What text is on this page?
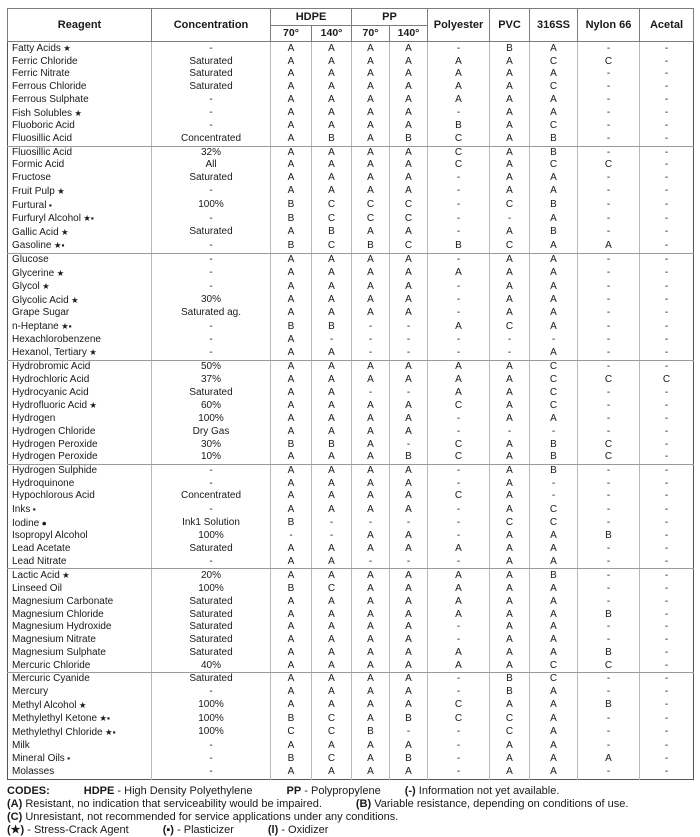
Reagent	Concentration	HDPE		PP		Polyester	PVC	316SS	Nylon 66	Acetal
		70°	140°	70°	140°					
Fatty Acids ★	-	A	A	A	A	-	B	A	-	-
Ferric Chloride	Saturated	A	A	A	A	A	A	C	C	-
Ferric Nitrate	Saturated	A	A	A	A	A	A	A	-	-
Ferrous Chloride	Saturated	A	A	A	A	A	A	C	-	-
Ferrous Sulphate	-	A	A	A	A	A	A	A	-	-
Fish Solubles ★	-	A	A	A	A	-	A	A	-	-
Fluoboric Acid	-	A	A	A	A	B	A	C	-	-
Fluosillic Acid	Concentrated	A	B	A	B	C	A	B	-	-
Fluosillic Acid	32%	A	A	A	A	C	A	B	-	-
Formic Acid	All	A	A	A	A	C	A	C	C	-
Fructose	Saturated	A	A	A	A	-	A	A	-	-
Fruit Pulp ★	-	A	A	A	A	-	A	A	-	-
Furtural ▪	100%	B	C	C	C	-	C	B	-	-
Furfuryl Alcohol ★▪	-	B	C	C	C	-	-	A	-	-
Gallic Acid ★	Saturated	A	B	A	A	-	A	B	-	-
Gasoline ★▪	-	B	C	B	C	B	C	A	A	-
Glucose	-	A	A	A	A	-	A	A	-	-
Glycerine ★	-	A	A	A	A	A	A	A	-	-
Glycol ★	-	A	A	A	A	-	A	A	-	-
Glycolic Acid ★	30%	A	A	A	A	-	A	A	-	-
Grape Sugar	Saturated ag.	A	A	A	A	-	A	A	-	-
n-Heptane ★▪	-	B	B	-	-	A	C	A	-	-
Hexachlorobenzene	-	A	-	-	-	-	-	-	-	-
Hexanol, Tertiary ★	-	A	A	-	-	-	-	A	-	-
Hydrobromic Acid	50%	A	A	A	A	A	A	C	-	-
Hydrochloric Acid	37%	A	A	A	A	A	A	C	C	C
Hydrocyanic Acid	Saturated	A	A	-	-	A	A	C	-	-
Hydrofluoric Acid ★	60%	A	A	A	A	C	A	C	-	-
Hydrogen	100%	A	A	A	A	-	A	A	-	-
Hydrogen Chloride	Dry Gas	A	A	A	A	-	-	-	-	-
Hydrogen Peroxide	30%	B	B	A	-	C	A	B	C	-
Hydrogen Peroxide	10%	A	A	A	B	C	A	B	C	-
Hydrogen Sulphide	-	A	A	A	A	-	A	B	-	-
Hydroquinone	-	A	A	A	A	-	A	-	-	-
Hypochlorous Acid	Concentrated	A	A	A	A	C	A	-	-	-
Inks ▪	-	A	A	A	A	-	A	C	-	-
Iodine ●	Ink1 Solution	B	-	-	-	-	C	C	-	-
Isopropyl Alcohol	100%	-	-	A	A	-	A	A	B	-
Lead Acetate	Saturated	A	A	A	A	A	A	A	-	-
Lead Nitrate	-	A	A	-	-	-	A	A	-	-
Lactic Acid ★	20%	A	A	A	A	A	A	B	-	-
Linseed Oil	100%	B	C	A	A	A	A	A	-	-
Magnesium Carbonate	Saturated	A	A	A	A	A	A	A	-	-
Magnesium Chloride	Saturated	A	A	A	A	A	A	A	B	-
Magnesium Hydroxide	Saturated	A	A	A	A	-	A	A	-	-
Magnesium Nitrate	Saturated	A	A	A	A	-	A	A	-	-
Magnesium Sulphate	Saturated	A	A	A	A	A	A	A	B	-
Mercuric Chloride	40%	A	A	A	A	A	A	C	C	-
Mercuric Cyanide	Saturated	A	A	A	A	-	B	C	-	-
Mercury	-	A	A	A	A	-	B	A	-	-
Methyl Alcohol ★	100%	A	A	A	A	C	A	A	B	-
Methylethyl Ketone ★▪	100%	B	C	A	B	C	C	A	-	-
Methylethyl Chloride ★▪	100%	C	C	B	-	-	C	A	-	-
Milk	-	A	A	A	A	-	A	A	-	-
Mineral Oils ▪	-	B	C	A	B	-	A	A	A	-
Molasses	-	A	A	A	A	-	A	A	-	-
CODES:	HDPE - High Density Polyethylene	PP - Polypropylene (-) Information not yet available.
(A) Resistant, no indication that serviceability would be impaired.	(B) Variable resistance, depending on conditions of use.
(C) Unresistant, not recommended for service applications under any conditions.
(★) - Stress-Crack Agent	(▪) - Plasticizer	(l) - Oxidizer
